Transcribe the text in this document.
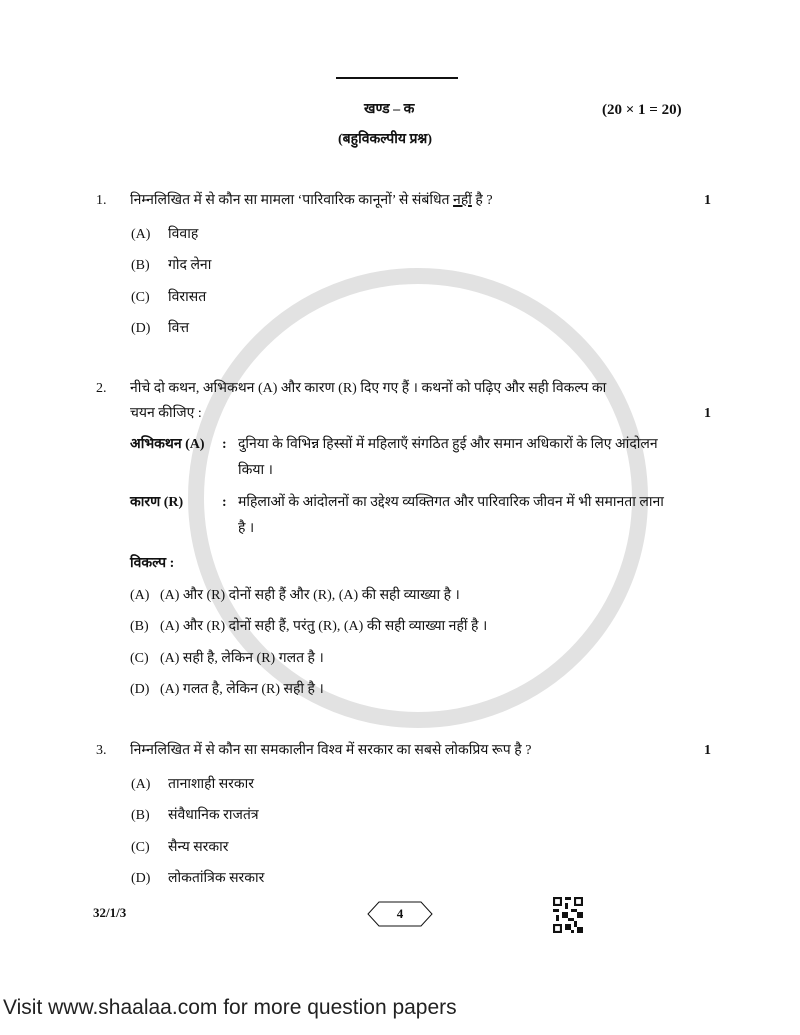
खण्ड – क	(20 × 1 = 20)
(बहुविकल्पीय प्रश्न)
1.	निम्नलिखित में से कौन सा मामला ‘पारिवारिक कानूनों’ से संबंधित नहीं है ?	1
(A)	विवाह
(B)	गोद लेना
(C)	विरासत
(D)	वित्त
2.	नीचे दो कथन, अभिकथन (A) और कारण (R) दिए गए हैं । कथनों को पढ़िए और सही विकल्प का
चयन कीजिए :	1
अभिकथन (A)	: दुनिया के विभिन्न हिस्सों में महिलाएँ संगठित हुई और समान अधिकारों के लिए आंदोलन
किया ।
कारण (R)	: महिलाओं के आंदोलनों का उद्देश्य व्यक्तिगत और पारिवारिक जीवन में भी समानता लाना
है ।
विकल्प :
(A) (A) और (R) दोनों सही हैं और (R), (A) की सही व्याख्या है ।
(B) (A) और (R) दोनों सही हैं, परंतु (R), (A) की सही व्याख्या नहीं है ।
(C) (A) सही है, लेकिन (R) गलत है ।
(D) (A) गलत है, लेकिन (R) सही है ।
3.	निम्नलिखित में से कौन सा समकालीन विश्व में सरकार का सबसे लोकप्रिय रूप है ?	1
(A)	तानाशाही सरकार
(B)	संवैधानिक राजतंत्र
(C)	सैन्य सरकार
(D)	लोकतांत्रिक सरकार
32/1/3	4
Visit www.shaalaa.com for more question papers
